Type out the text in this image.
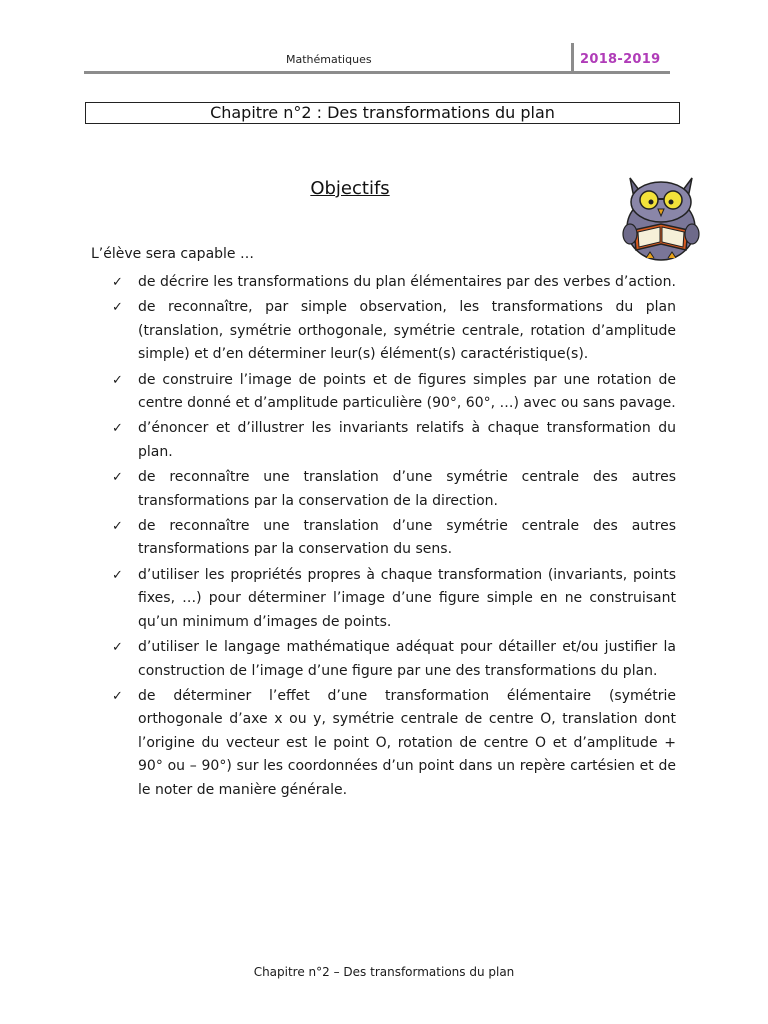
Mathématiques	2018-2019
Chapitre n°2 : Des transformations du plan
Objectifs
L’élève sera capable …
✓ de décrire les transformations du plan élémentaires par des verbes d’action.
✓ de reconnaître, par simple observation, les transformations du plan (translation, symétrie orthogonale, symétrie centrale, rotation d’amplitude simple) et d’en déterminer leur(s) élément(s) caractéristique(s).
✓ de construire l’image de points et de figures simples par une rotation de centre donné et d’amplitude particulière (90°, 60°, …) avec ou sans pavage.
✓ d’énoncer et d’illustrer les invariants relatifs à chaque transformation du plan.
✓ de reconnaître une translation d’une symétrie centrale des autres transformations par la conservation de la direction.
✓ de reconnaître une translation d’une symétrie centrale des autres transformations par la conservation du sens.
✓ d’utiliser les propriétés propres à chaque transformation (invariants, points fixes, …) pour déterminer l’image d’une figure simple en ne construisant qu’un minimum d’images de points.
✓ d’utiliser le langage mathématique adéquat pour détailler et/ou justifier la construction de l’image d’une figure par une des transformations du plan.
✓ de déterminer l’effet d’une transformation élémentaire (symétrie orthogonale d’axe x ou y, symétrie centrale de centre O, translation dont l’origine du vecteur est le point O, rotation de centre O et d’amplitude + 90° ou – 90°) sur les coordonnées d’un point dans un repère cartésien et de le noter de manière générale.
Chapitre n°2 – Des transformations du plan
